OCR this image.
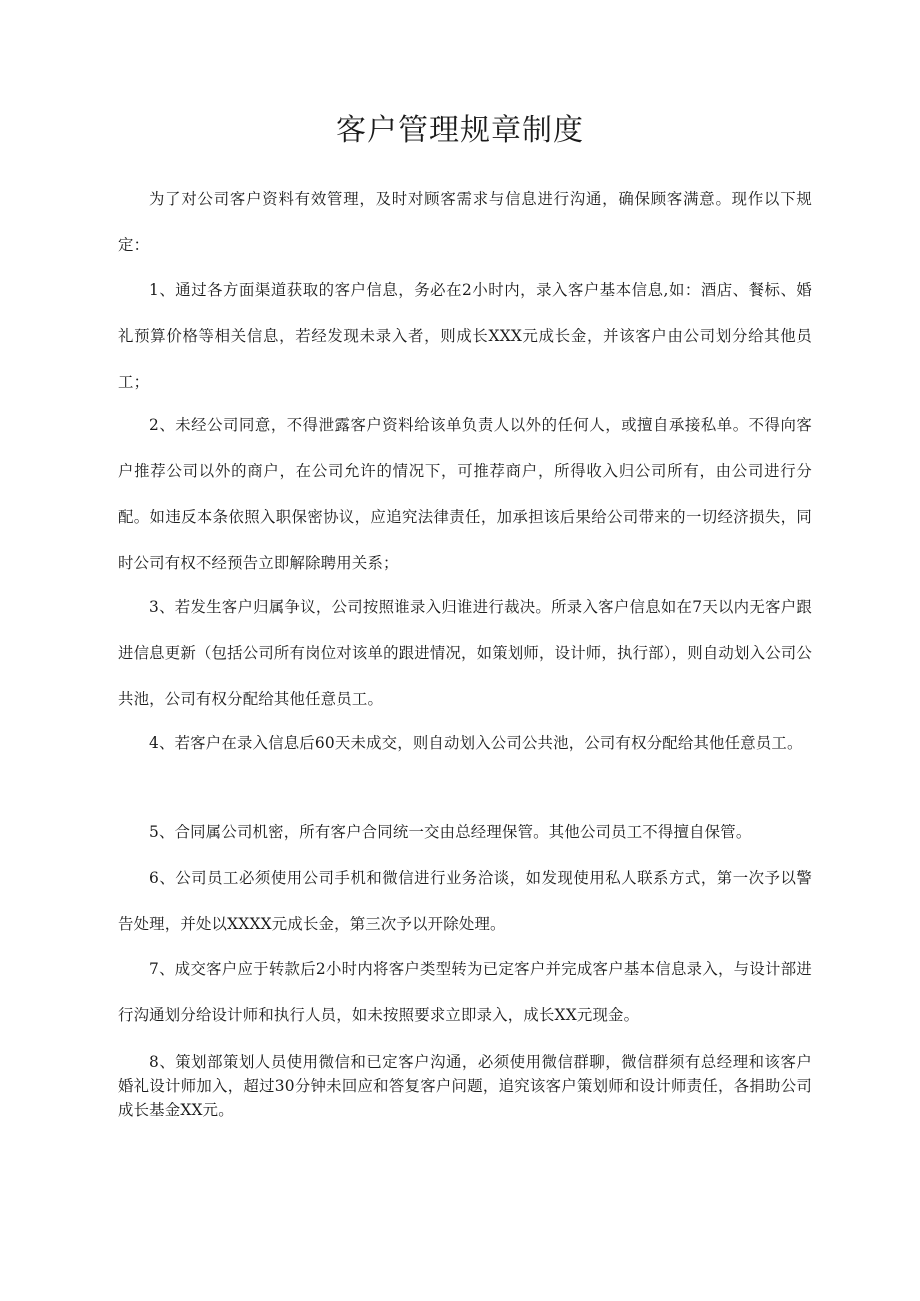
客户管理规章制度

为了对公司客户资料有效管理，及时对顾客需求与信息进行沟通，确保顾客满意。现作以下规定：

1、通过各方面渠道获取的客户信息，务必在2小时内，录入客户基本信息,如：酒店、餐标、婚礼预算价格等相关信息，若经发现未录入者，则成长XXX元成长金，并该客户由公司划分给其他员工；

2、未经公司同意，不得泄露客户资料给该单负责人以外的任何人，或擅自承接私单。不得向客户推荐公司以外的商户，在公司允许的情况下，可推荐商户，所得收入归公司所有，由公司进行分配。如违反本条依照入职保密协议，应追究法律责任，加承担该后果给公司带来的一切经济损失，同时公司有权不经预告立即解除聘用关系；

3、若发生客户归属争议，公司按照谁录入归谁进行裁决。所录入客户信息如在7天以内无客户跟进信息更新（包括公司所有岗位对该单的跟进情况，如策划师，设计师，执行部），则自动划入公司公共池，公司有权分配给其他任意员工。

4、若客户在录入信息后60天未成交，则自动划入公司公共池，公司有权分配给其他任意员工。

5、合同属公司机密，所有客户合同统一交由总经理保管。其他公司员工不得擅自保管。

6、公司员工必须使用公司手机和微信进行业务洽谈，如发现使用私人联系方式，第一次予以警告处理，并处以XXXX元成长金，第三次予以开除处理。

7、成交客户应于转款后2小时内将客户类型转为已定客户并完成客户基本信息录入，与设计部进行沟通划分给设计师和执行人员，如未按照要求立即录入，成长XX元现金。

8、策划部策划人员使用微信和已定客户沟通，必须使用微信群聊，微信群须有总经理和该客户婚礼设计师加入，超过30分钟未回应和答复客户问题，追究该客户策划师和设计师责任，各捐助公司成长基金XX元。
